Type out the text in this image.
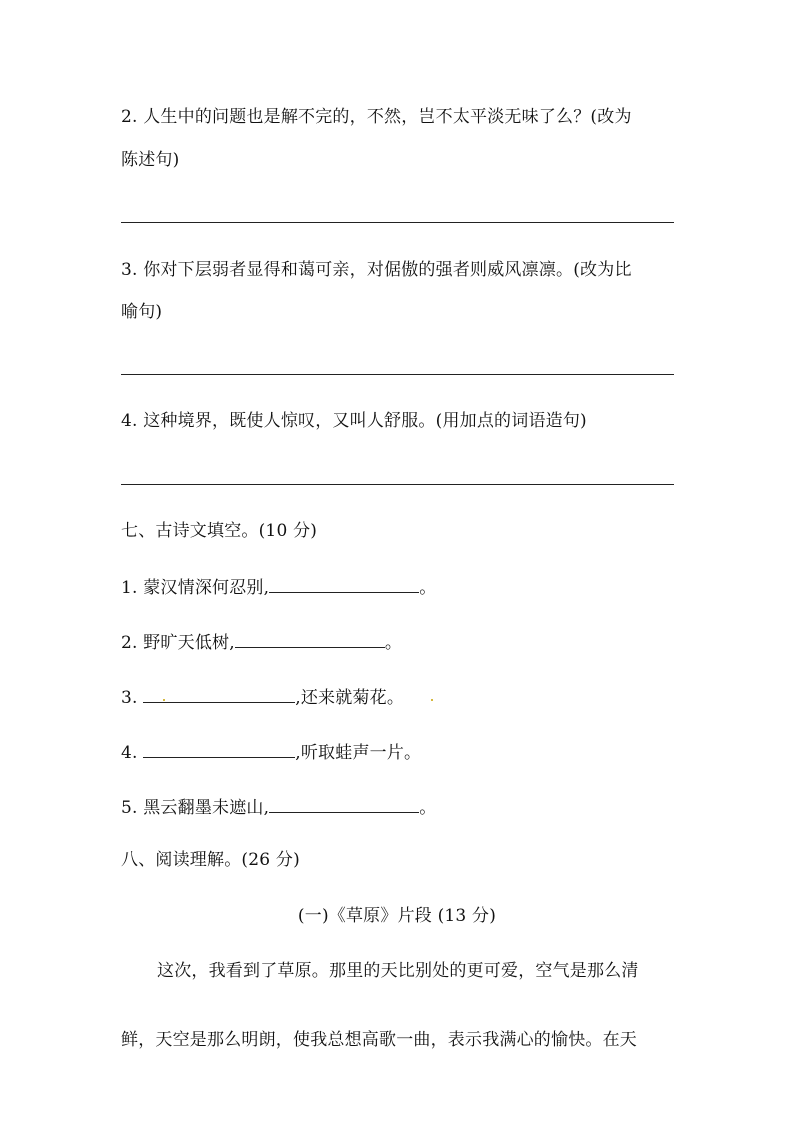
2. 人生中的问题也是解不完的，不然，岂不太平淡无味了么？(改为
陈述句)
3. 你对下层弱者显得和蔼可亲，对倨傲的强者则威风凛凛。(改为比
喻句)
4. 这种境界，既使人惊叹，又叫人舒服。(用加点的词语造句)
七、古诗文填空。(10 分)
1. 蒙汉情深何忍别,	。
2. 野旷天低树,	。
3.	,还来就菊花。
4.	,听取蛙声一片。
5. 黑云翻墨未遮山,	。
八、阅读理解。(26 分)
(一)《草原》片段 (13 分)
这次，我看到了草原。那里的天比别处的更可爱，空气是那么清
鲜，天空是那么明朗，使我总想高歌一曲，表示我满心的愉快。在天
